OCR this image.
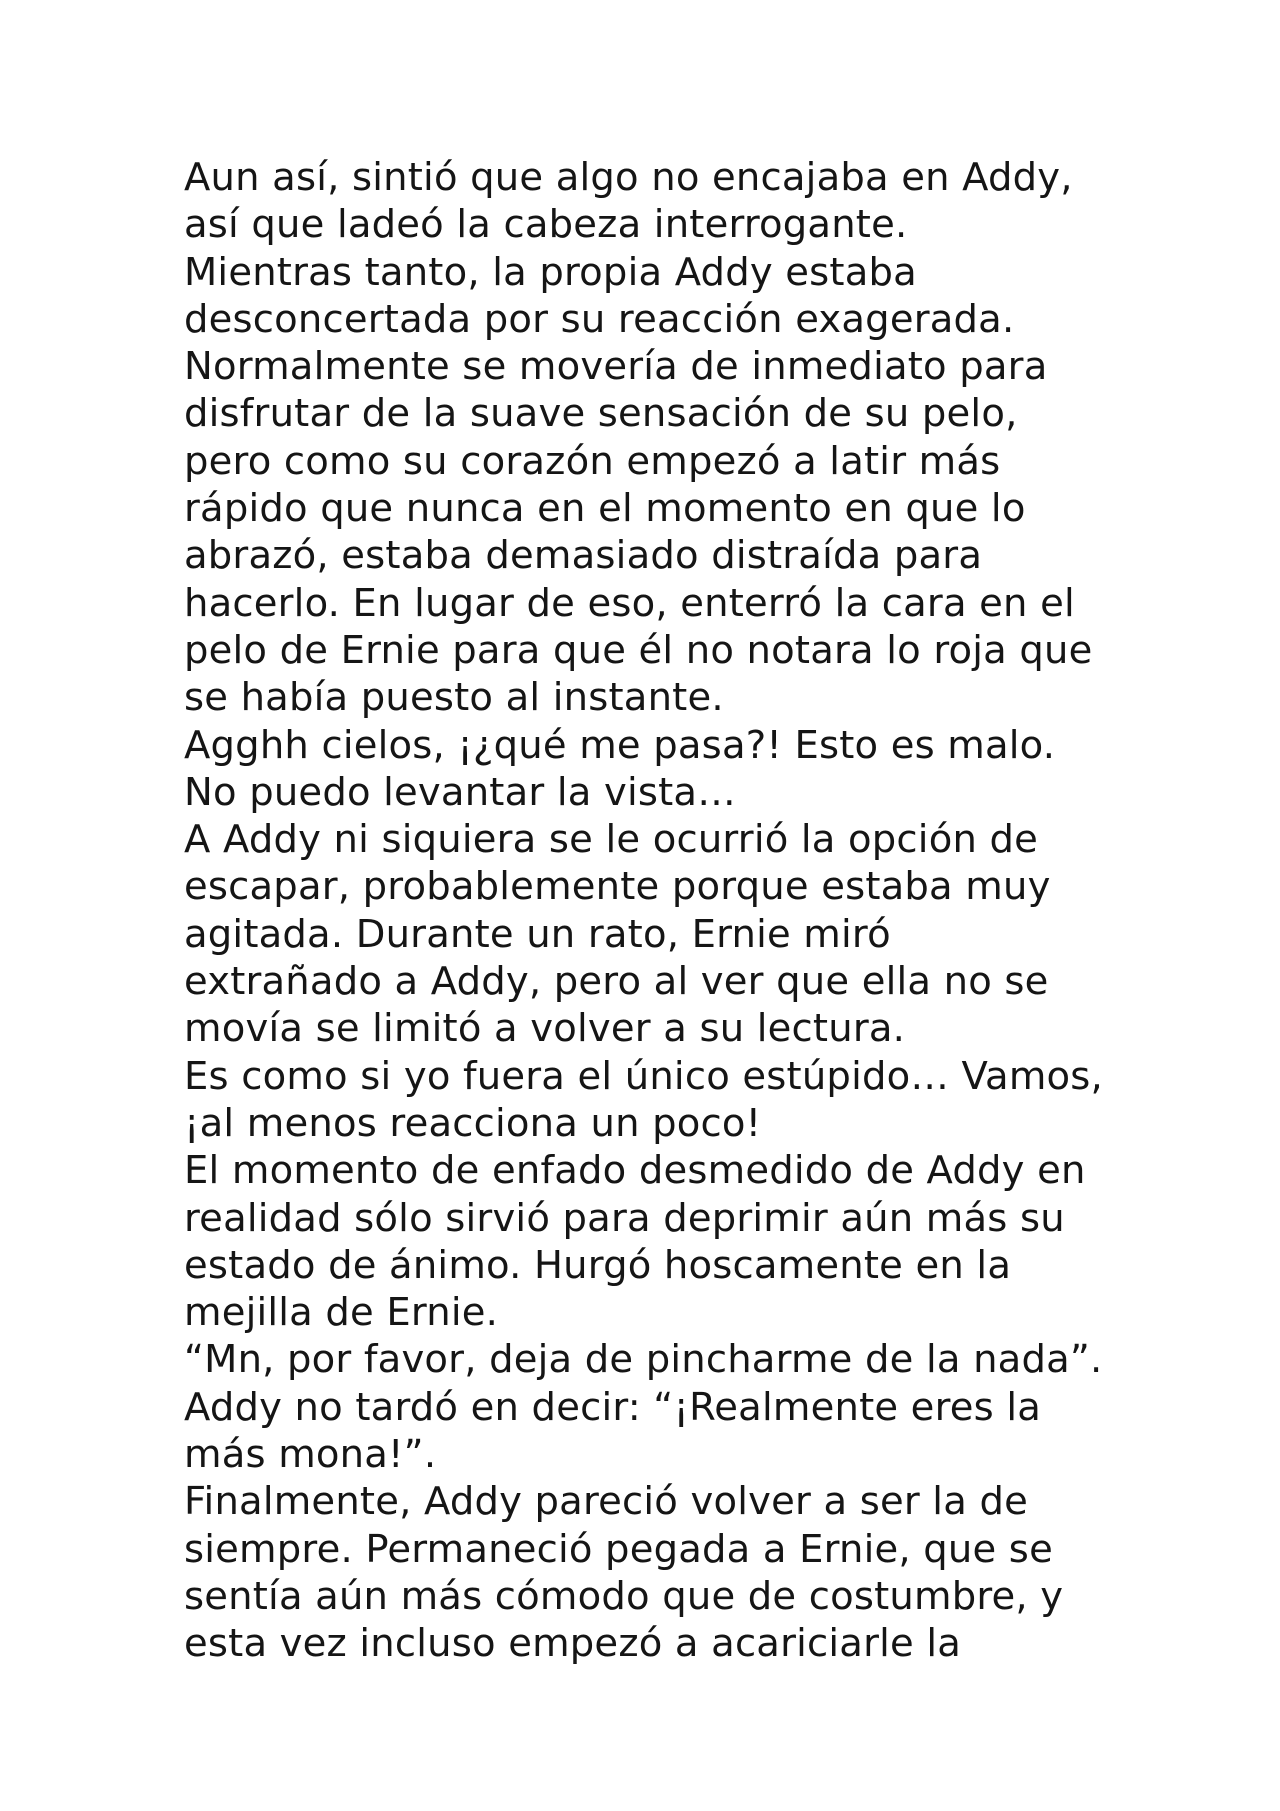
Aun así, sintió que algo no encajaba en Addy,
así que ladeó la cabeza interrogante.
Mientras tanto, la propia Addy estaba
desconcertada por su reacción exagerada.
Normalmente se movería de inmediato para
disfrutar de la suave sensación de su pelo,
pero como su corazón empezó a latir más
rápido que nunca en el momento en que lo
abrazó, estaba demasiado distraída para
hacerlo. En lugar de eso, enterró la cara en el
pelo de Ernie para que él no notara lo roja que
se había puesto al instante.
Agghh cielos, ¡¿qué me pasa?! Esto es malo.
No puedo levantar la vista…
A Addy ni siquiera se le ocurrió la opción de
escapar, probablemente porque estaba muy
agitada. Durante un rato, Ernie miró
extrañado a Addy, pero al ver que ella no se
movía se limitó a volver a su lectura.
Es como si yo fuera el único estúpido… Vamos,
¡al menos reacciona un poco!
El momento de enfado desmedido de Addy en
realidad sólo sirvió para deprimir aún más su
estado de ánimo. Hurgó hoscamente en la
mejilla de Ernie.
“Mn, por favor, deja de pincharme de la nada”.
Addy no tardó en decir: “¡Realmente eres la
más mona!”.
Finalmente, Addy pareció volver a ser la de
siempre. Permaneció pegada a Ernie, que se
sentía aún más cómodo que de costumbre, y
esta vez incluso empezó a acariciarle la
